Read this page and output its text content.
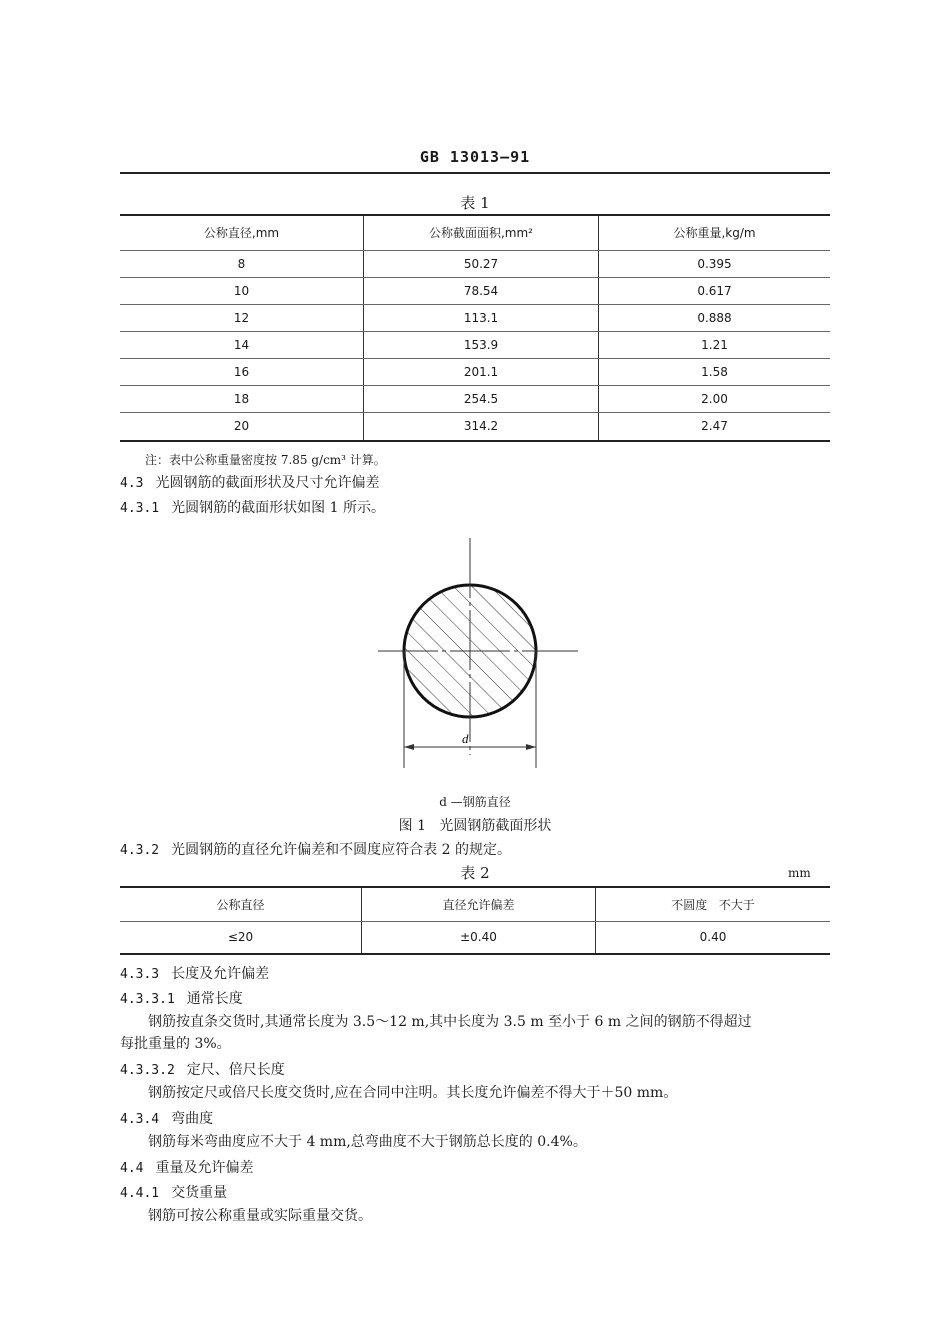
GB 13013—91
表 1
公称直径,mm	公称截面面积,mm²	公称重量,kg/m
8	50.27	0.395
10	78.54	0.617
12	113.1	0.888
14	153.9	1.21
16	201.1	1.58
18	254.5	2.00
20	314.2	2.47
注：表中公称重量密度按 7.85 g/cm³ 计算。
4.3 光圆钢筋的截面形状及尺寸允许偏差
4.3.1 光圆钢筋的截面形状如图 1 所示。
d
d —钢筋直径
图 1   光圆钢筋截面形状
4.3.2 光圆钢筋的直径允许偏差和不圆度应符合表 2 的规定。
表 2	mm
公称直径	直径允许偏差	不圆度   不大于
≤20	±0.40	0.40
4.3.3 长度及允许偏差
4.3.3.1 通常长度
钢筋按直条交货时,其通常长度为 3.5～12 m,其中长度为 3.5 m 至小于 6 m 之间的钢筋不得超过
每批重量的 3%。
4.3.3.2 定尺、倍尺长度
钢筋按定尺或倍尺长度交货时,应在合同中注明。其长度允许偏差不得大于＋50 mm。
4.3.4 弯曲度
钢筋每米弯曲度应不大于 4 mm,总弯曲度不大于钢筋总长度的 0.4%。
4.4 重量及允许偏差
4.4.1 交货重量
钢筋可按公称重量或实际重量交货。
